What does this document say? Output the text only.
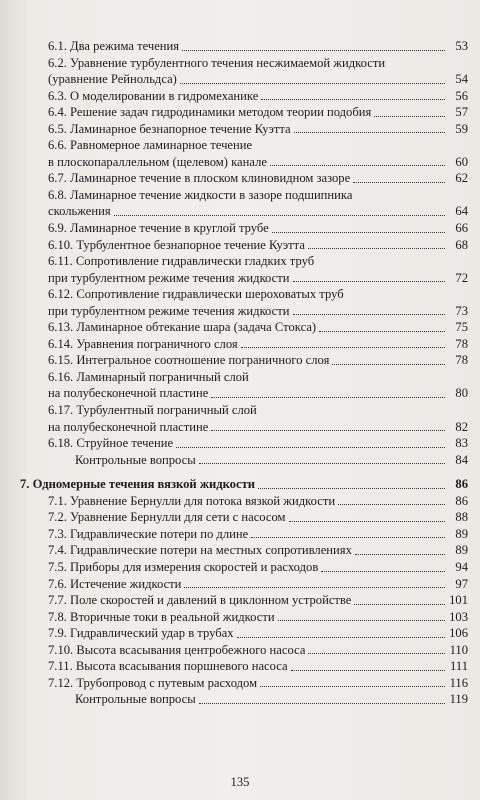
6.1. Два режима течения	53
6.2. Уравнение турбулентного течения несжимаемой жидкости
(уравнение Рейнольдса)	54
6.3. О моделировании в гидромеханике	56
6.4. Решение задач гидродинамики методом теории подобия	57
6.5. Ламинарное безнапорное течение Куэтта	59
6.6. Равномерное ламинарное течение
в плоскопараллельном (щелевом) канале	60
6.7. Ламинарное течение в плоском клиновидном зазоре	62
6.8. Ламинарное течение жидкости в зазоре подшипника
скольжения	64
6.9. Ламинарное течение в круглой трубе	66
6.10. Турбулентное безнапорное течение Куэтта	68
6.11. Сопротивление гидравлически гладких труб
при турбулентном режиме течения жидкости	72
6.12. Сопротивление гидравлически шероховатых труб
при турбулентном режиме течения жидкости	73
6.13. Ламинарное обтекание шара (задача Стокса)	75
6.14. Уравнения пограничного слоя	78
6.15. Интегральное соотношение пограничного слоя	78
6.16. Ламинарный пограничный слой
на полубесконечной пластине	80
6.17. Турбулентный пограничный слой
на полубесконечной пластине	82
6.18. Струйное течение	83
Контрольные вопросы	84
7. Одномерные течения вязкой жидкости	86
7.1. Уравнение Бернулли для потока вязкой жидкости	86
7.2. Уравнение Бернулли для сети с насосом	88
7.3. Гидравлические потери по длине	89
7.4. Гидравлические потери на местных сопротивлениях	89
7.5. Приборы для измерения скоростей и расходов	94
7.6. Истечение жидкости	97
7.7. Поле скоростей и давлений в циклонном устройстве	101
7.8. Вторичные токи в реальной жидкости	103
7.9. Гидравлический удар в трубах	106
7.10. Высота всасывания центробежного насоса	110
7.11. Высота всасывания поршневого насоса	111
7.12. Трубопровод с путевым расходом	116
Контрольные вопросы	119
135
